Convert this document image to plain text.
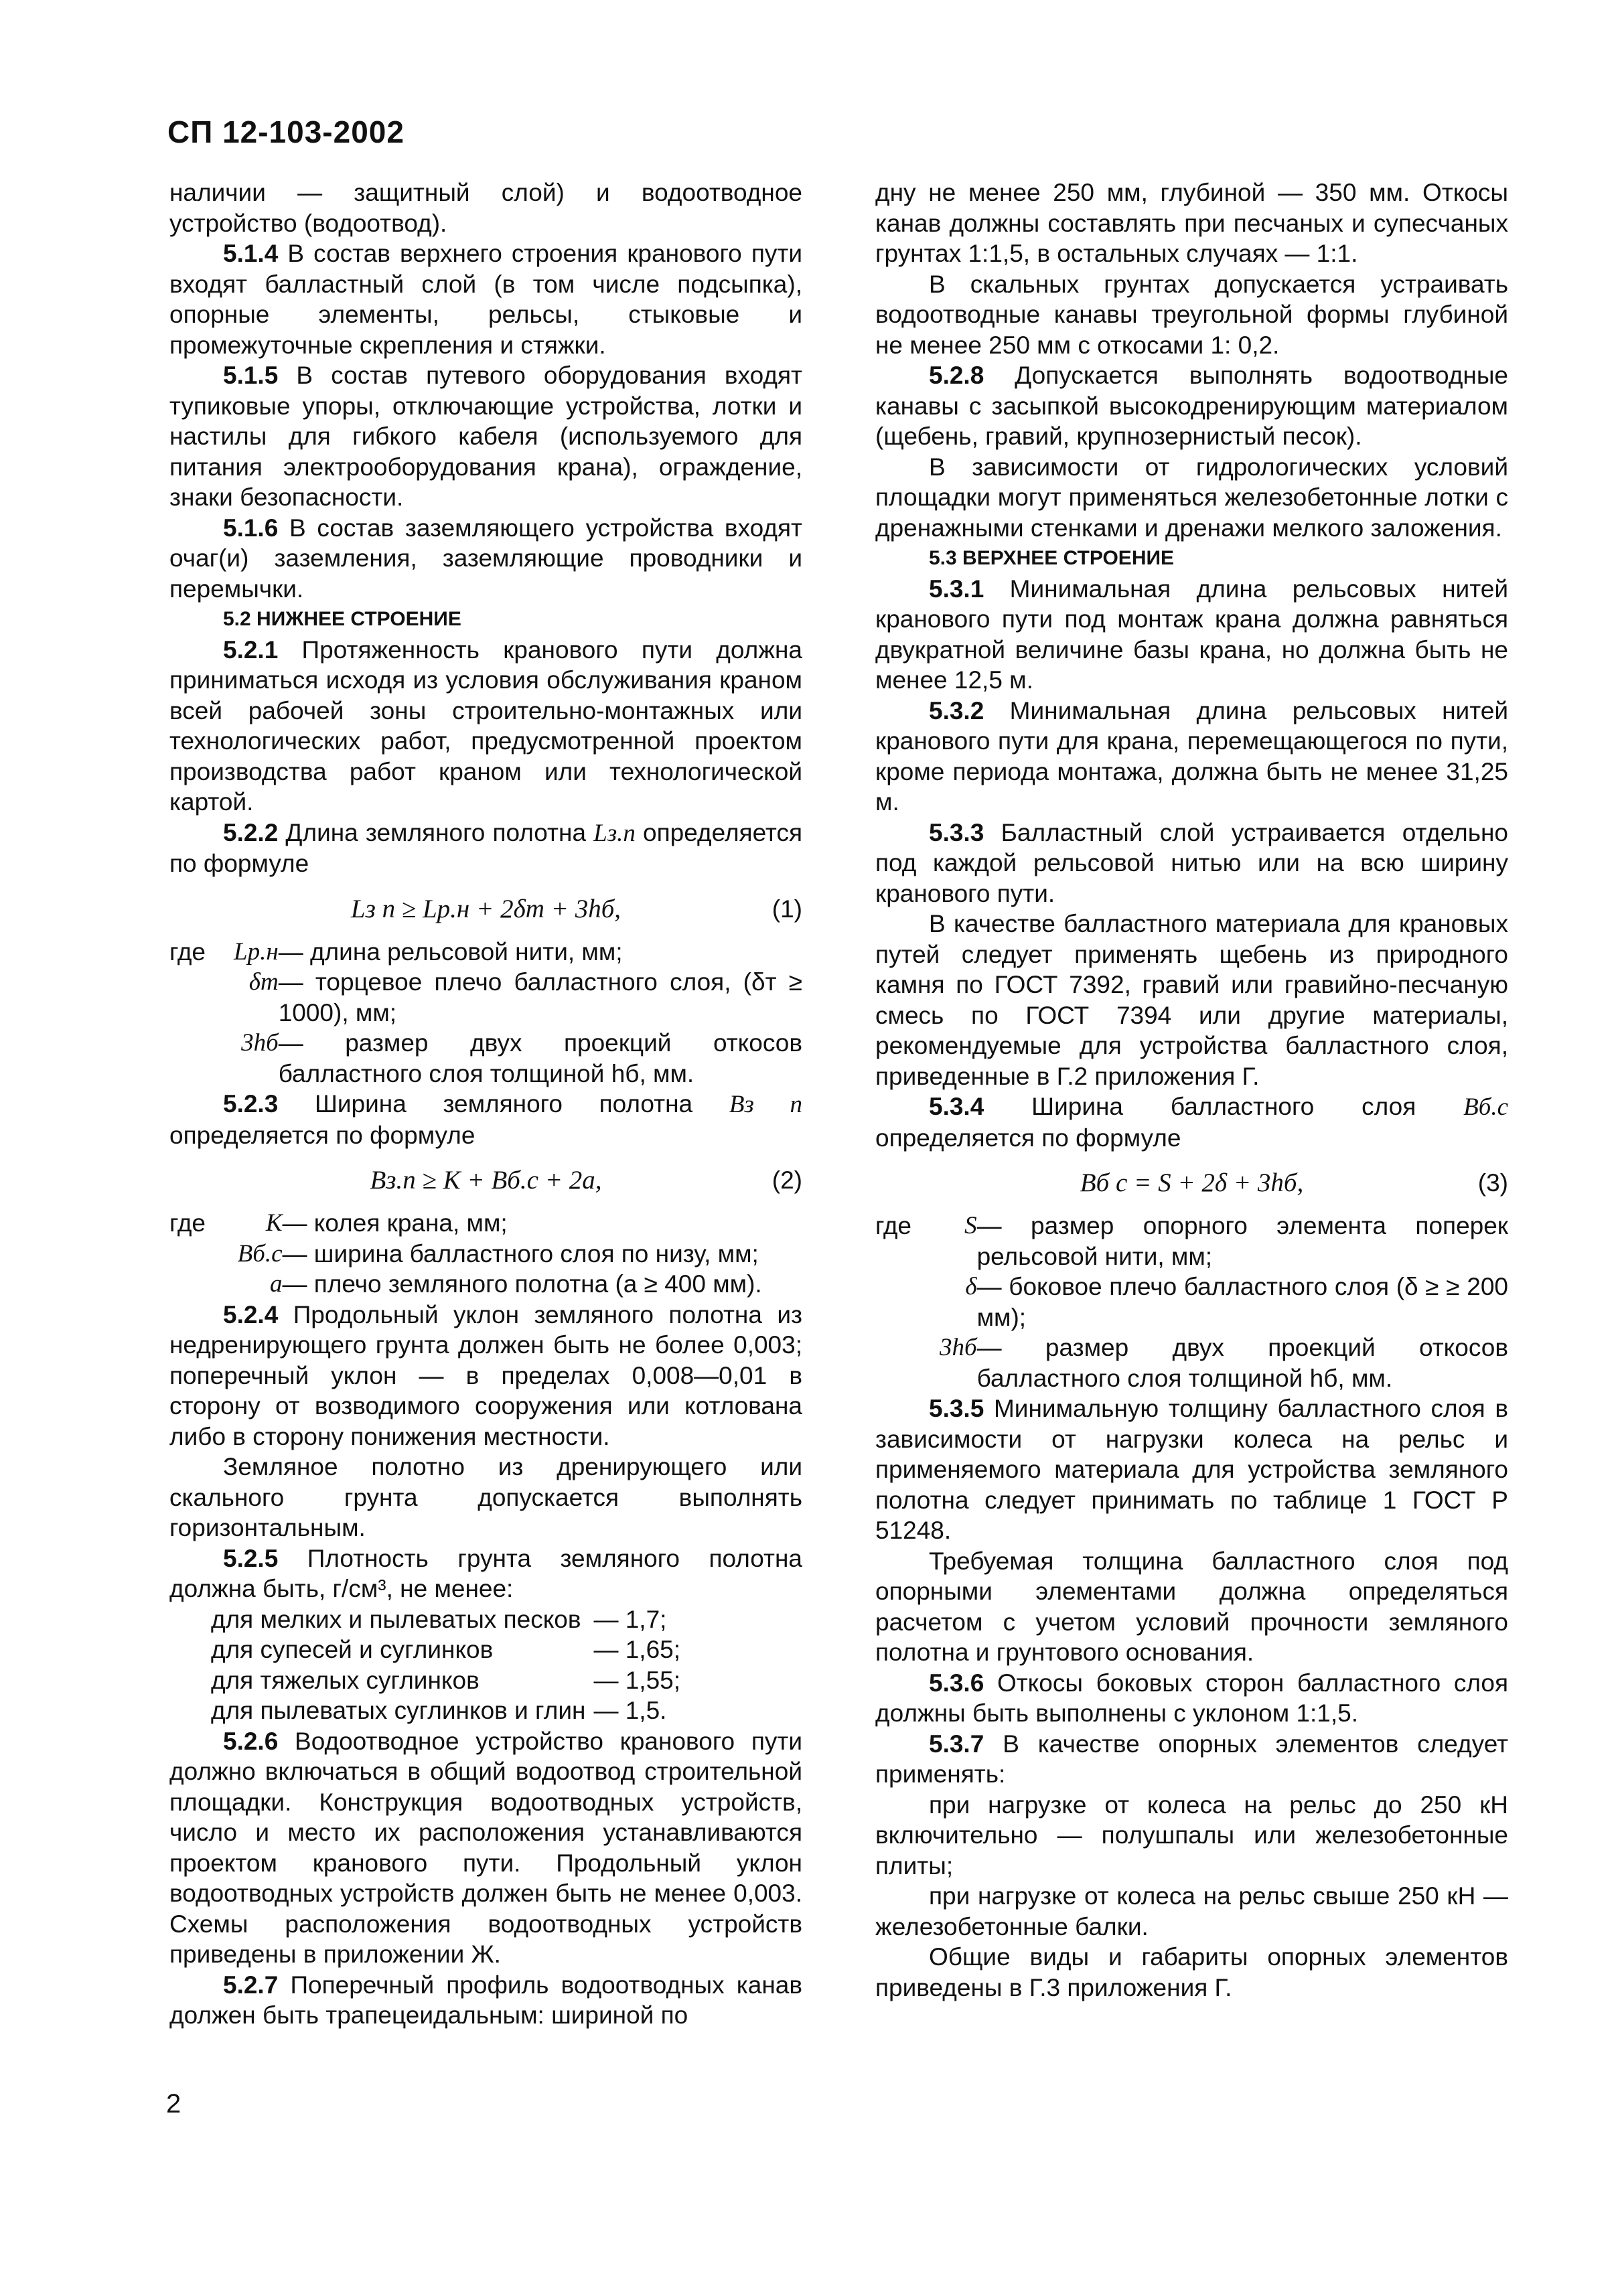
СП 12-103-2002

наличии — защитный слой) и водоотводное устройство (водоотвод).

5.1.4 В состав верхнего строения кранового пути входят балластный слой (в том числе подсыпка), опорные элементы, рельсы, стыковые и промежуточные скрепления и стяжки.

5.1.5 В состав путевого оборудования входят тупиковые упоры, отключающие устройства, лотки и настилы для гибкого кабеля (используемого для питания электрооборудования крана), ограждение, знаки безопасности.

5.1.6 В состав заземляющего устройства входят очаг(и) заземления, заземляющие проводники и перемычки.

5.2 НИЖНЕЕ СТРОЕНИЕ

5.2.1 Протяженность кранового пути должна приниматься исходя из условия обслуживания краном всей рабочей зоны строительно-монтажных или технологических работ, предусмотренной проектом производства работ краном или технологической картой.

5.2.2 Длина земляного полотна Lз.п определяется по формуле

Lз п ≥ Lр.н + 2δт + 3hб,	(1)
где	Lр.н	— длина рельсовой нити, мм;
	δт	— торцевое плечо балластного слоя, (δт ≥ 1000), мм;
	3hб	— размер двух проекций откосов балластного слоя толщиной hб, мм.

5.2.3 Ширина земляного полотна Bз п определяется по формуле

Bз.п ≥ K + Bб.с + 2a,	(2)
где	K	— колея крана, мм;
	Bб.с	— ширина балластного слоя по низу, мм;
	a	— плечо земляного полотна (a ≥ 400 мм).

5.2.4 Продольный уклон земляного полотна из недренирующего грунта должен быть не более 0,003; поперечный уклон — в пределах 0,008—0,01 в сторону от возводимого сооружения или котлована либо в сторону понижения местности.

Земляное полотно из дренирующего или скального грунта допускается выполнять горизонтальным.

5.2.5 Плотность грунта земляного полотна должна быть, г/см³, не менее:

для мелких и пылеватых песков	— 1,7;
для супесей и суглинков	— 1,65;
для тяжелых суглинков	— 1,55;
для пылеватых суглинков и глин	— 1,5.

5.2.6 Водоотводное устройство кранового пути должно включаться в общий водоотвод строительной площадки. Конструкция водоотводных устройств, число и место их расположения устанавливаются проектом кранового пути. Продольный уклон водоотводных устройств должен быть не менее 0,003. Схемы расположения водоотводных устройств приведены в приложении Ж.

5.2.7 Поперечный профиль водоотводных канав должен быть трапецеидальным: шириной по

дну не менее 250 мм, глубиной — 350 мм. Откосы канав должны составлять при песчаных и супесчаных грунтах 1:1,5, в остальных случаях — 1:1.

В скальных грунтах допускается устраивать водоотводные канавы треугольной формы глубиной не менее 250 мм с откосами 1: 0,2.

5.2.8 Допускается выполнять водоотводные канавы с засыпкой высокодренирующим материалом (щебень, гравий, крупнозернистый песок).

В зависимости от гидрологических условий площадки могут применяться железобетонные лотки с дренажными стенками и дренажи мелкого заложения.

5.3 ВЕРХНЕЕ СТРОЕНИЕ

5.3.1 Минимальная длина рельсовых нитей кранового пути под монтаж крана должна равняться двукратной величине базы крана, но должна быть не менее 12,5 м.

5.3.2 Минимальная длина рельсовых нитей кранового пути для крана, перемещающегося по пути, кроме периода монтажа, должна быть не менее 31,25 м.

5.3.3 Балластный слой устраивается отдельно под каждой рельсовой нитью или на всю ширину кранового пути.

В качестве балластного материала для крановых путей следует применять щебень из природного камня по ГОСТ 7392, гравий или гравийно-песчаную смесь по ГОСТ 7394 или другие материалы, рекомендуемые для устройства балластного слоя, приведенные в Г.2 приложения Г.

5.3.4 Ширина балластного слоя Bб.с определяется по формуле

Bб с = S + 2δ + 3hб,	(3)
где	S	— размер опорного элемента поперек рельсовой нити, мм;
	δ	— боковое плечо балластного слоя (δ ≥ ≥ 200 мм);
	3hб	— размер двух проекций откосов балластного слоя толщиной hб, мм.

5.3.5 Минимальную толщину балластного слоя в зависимости от нагрузки колеса на рельс и применяемого материала для устройства земляного полотна следует принимать по таблице 1 ГОСТ Р 51248.

Требуемая толщина балластного слоя под опорными элементами должна определяться расчетом с учетом условий прочности земляного полотна и грунтового основания.

5.3.6 Откосы боковых сторон балластного слоя должны быть выполнены с уклоном 1:1,5.

5.3.7 В качестве опорных элементов следует применять:

при нагрузке от колеса на рельс до 250 кН включительно — полушпалы или железобетонные плиты;

при нагрузке от колеса на рельс свыше 250 кН — железобетонные балки.

Общие виды и габариты опорных элементов приведены в Г.3 приложения Г.

2
